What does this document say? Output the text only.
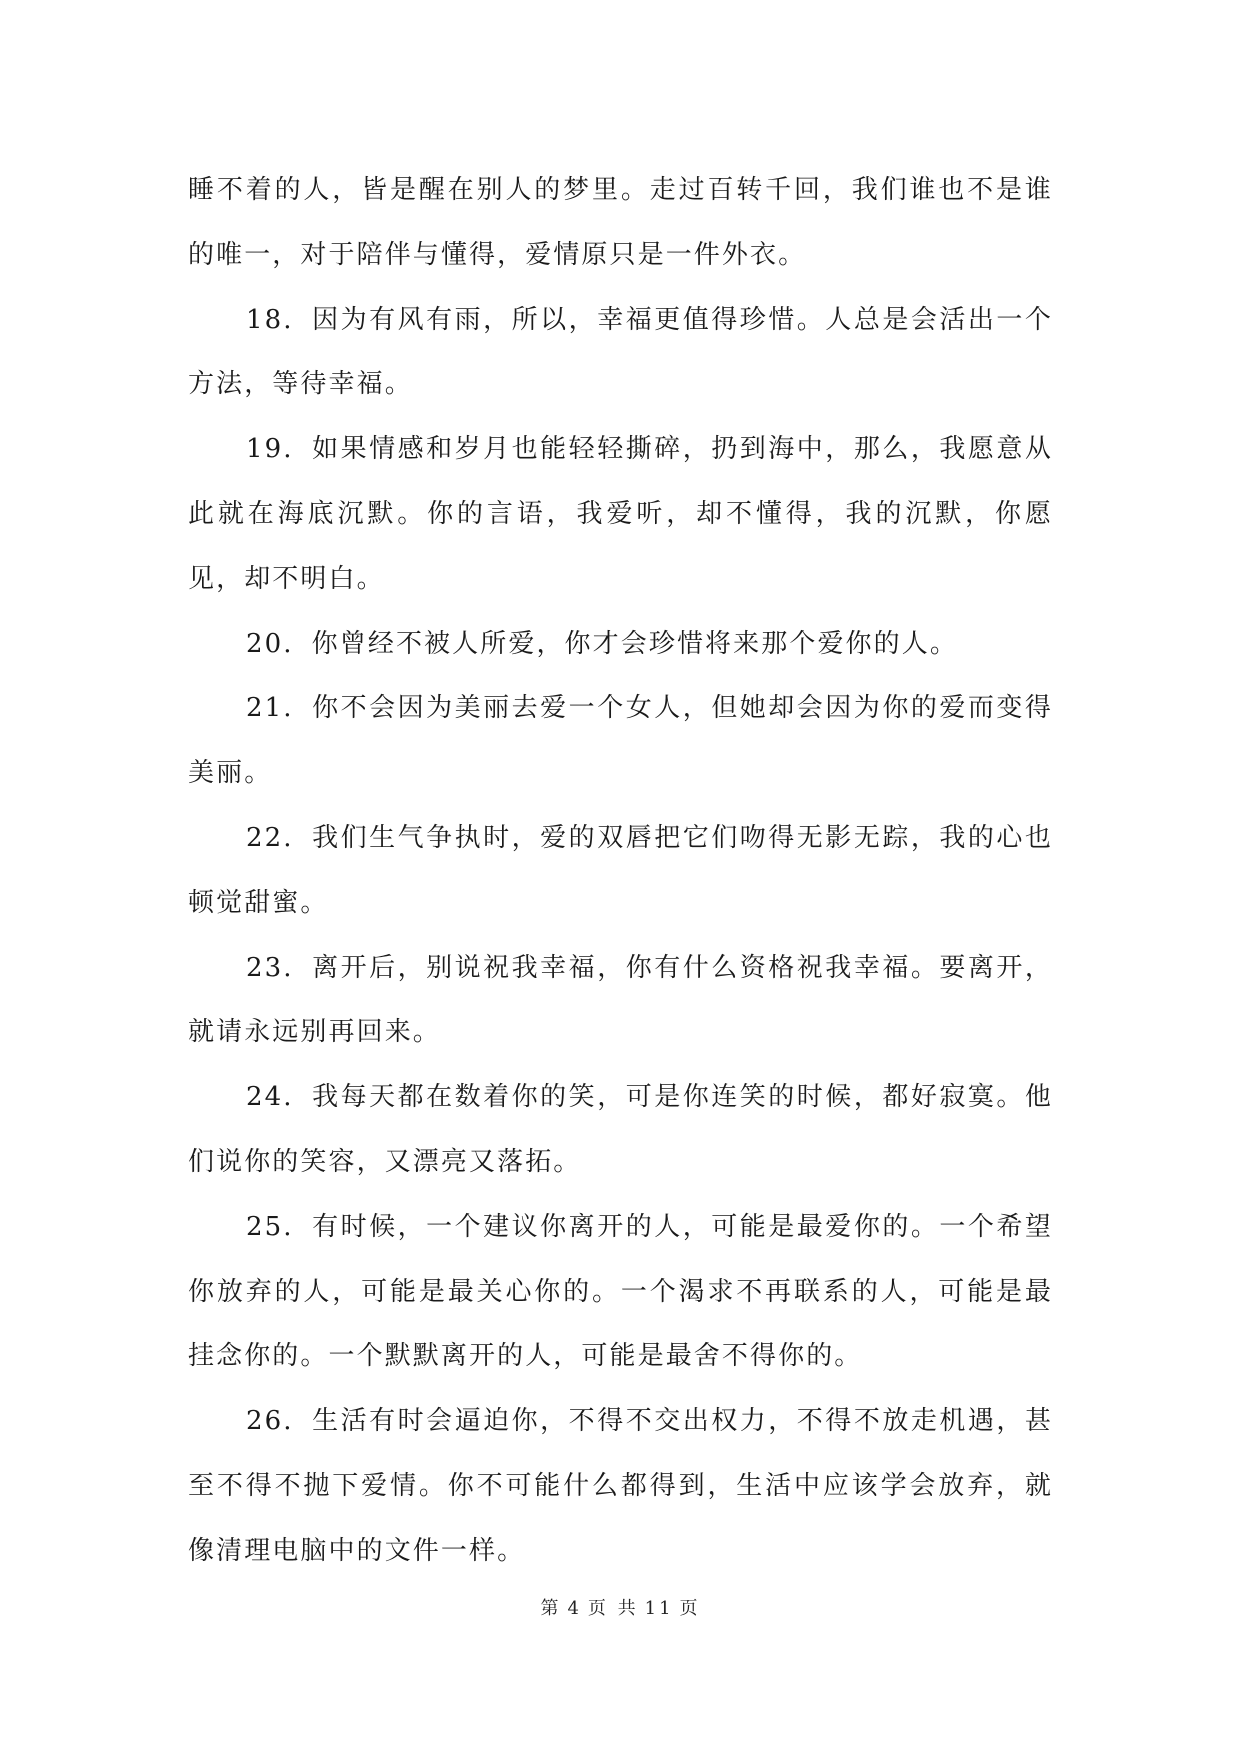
睡不着的人，皆是醒在别人的梦里。走过百转千回，我们谁也不是谁的唯一，对于陪伴与懂得，爱情原只是一件外衣。

18. 因为有风有雨，所以，幸福更值得珍惜。人总是会活出一个方法，等待幸福。

19. 如果情感和岁月也能轻轻撕碎，扔到海中，那么，我愿意从此就在海底沉默。你的言语，我爱听，却不懂得，我的沉默，你愿见，却不明白。

20. 你曾经不被人所爱，你才会珍惜将来那个爱你的人。

21. 你不会因为美丽去爱一个女人，但她却会因为你的爱而变得美丽。

22. 我们生气争执时，爱的双唇把它们吻得无影无踪，我的心也顿觉甜蜜。

23. 离开后，别说祝我幸福，你有什么资格祝我幸福。要离开，就请永远别再回来。

24. 我每天都在数着你的笑，可是你连笑的时候，都好寂寞。他们说你的笑容，又漂亮又落拓。

25. 有时候，一个建议你离开的人，可能是最爱你的。一个希望你放弃的人，可能是最关心你的。一个渴求不再联系的人，可能是最挂念你的。一个默默离开的人，可能是最舍不得你的。

26. 生活有时会逼迫你，不得不交出权力，不得不放走机遇，甚至不得不抛下爱情。你不可能什么都得到，生活中应该学会放弃，就像清理电脑中的文件一样。

第 4 页 共 11 页
